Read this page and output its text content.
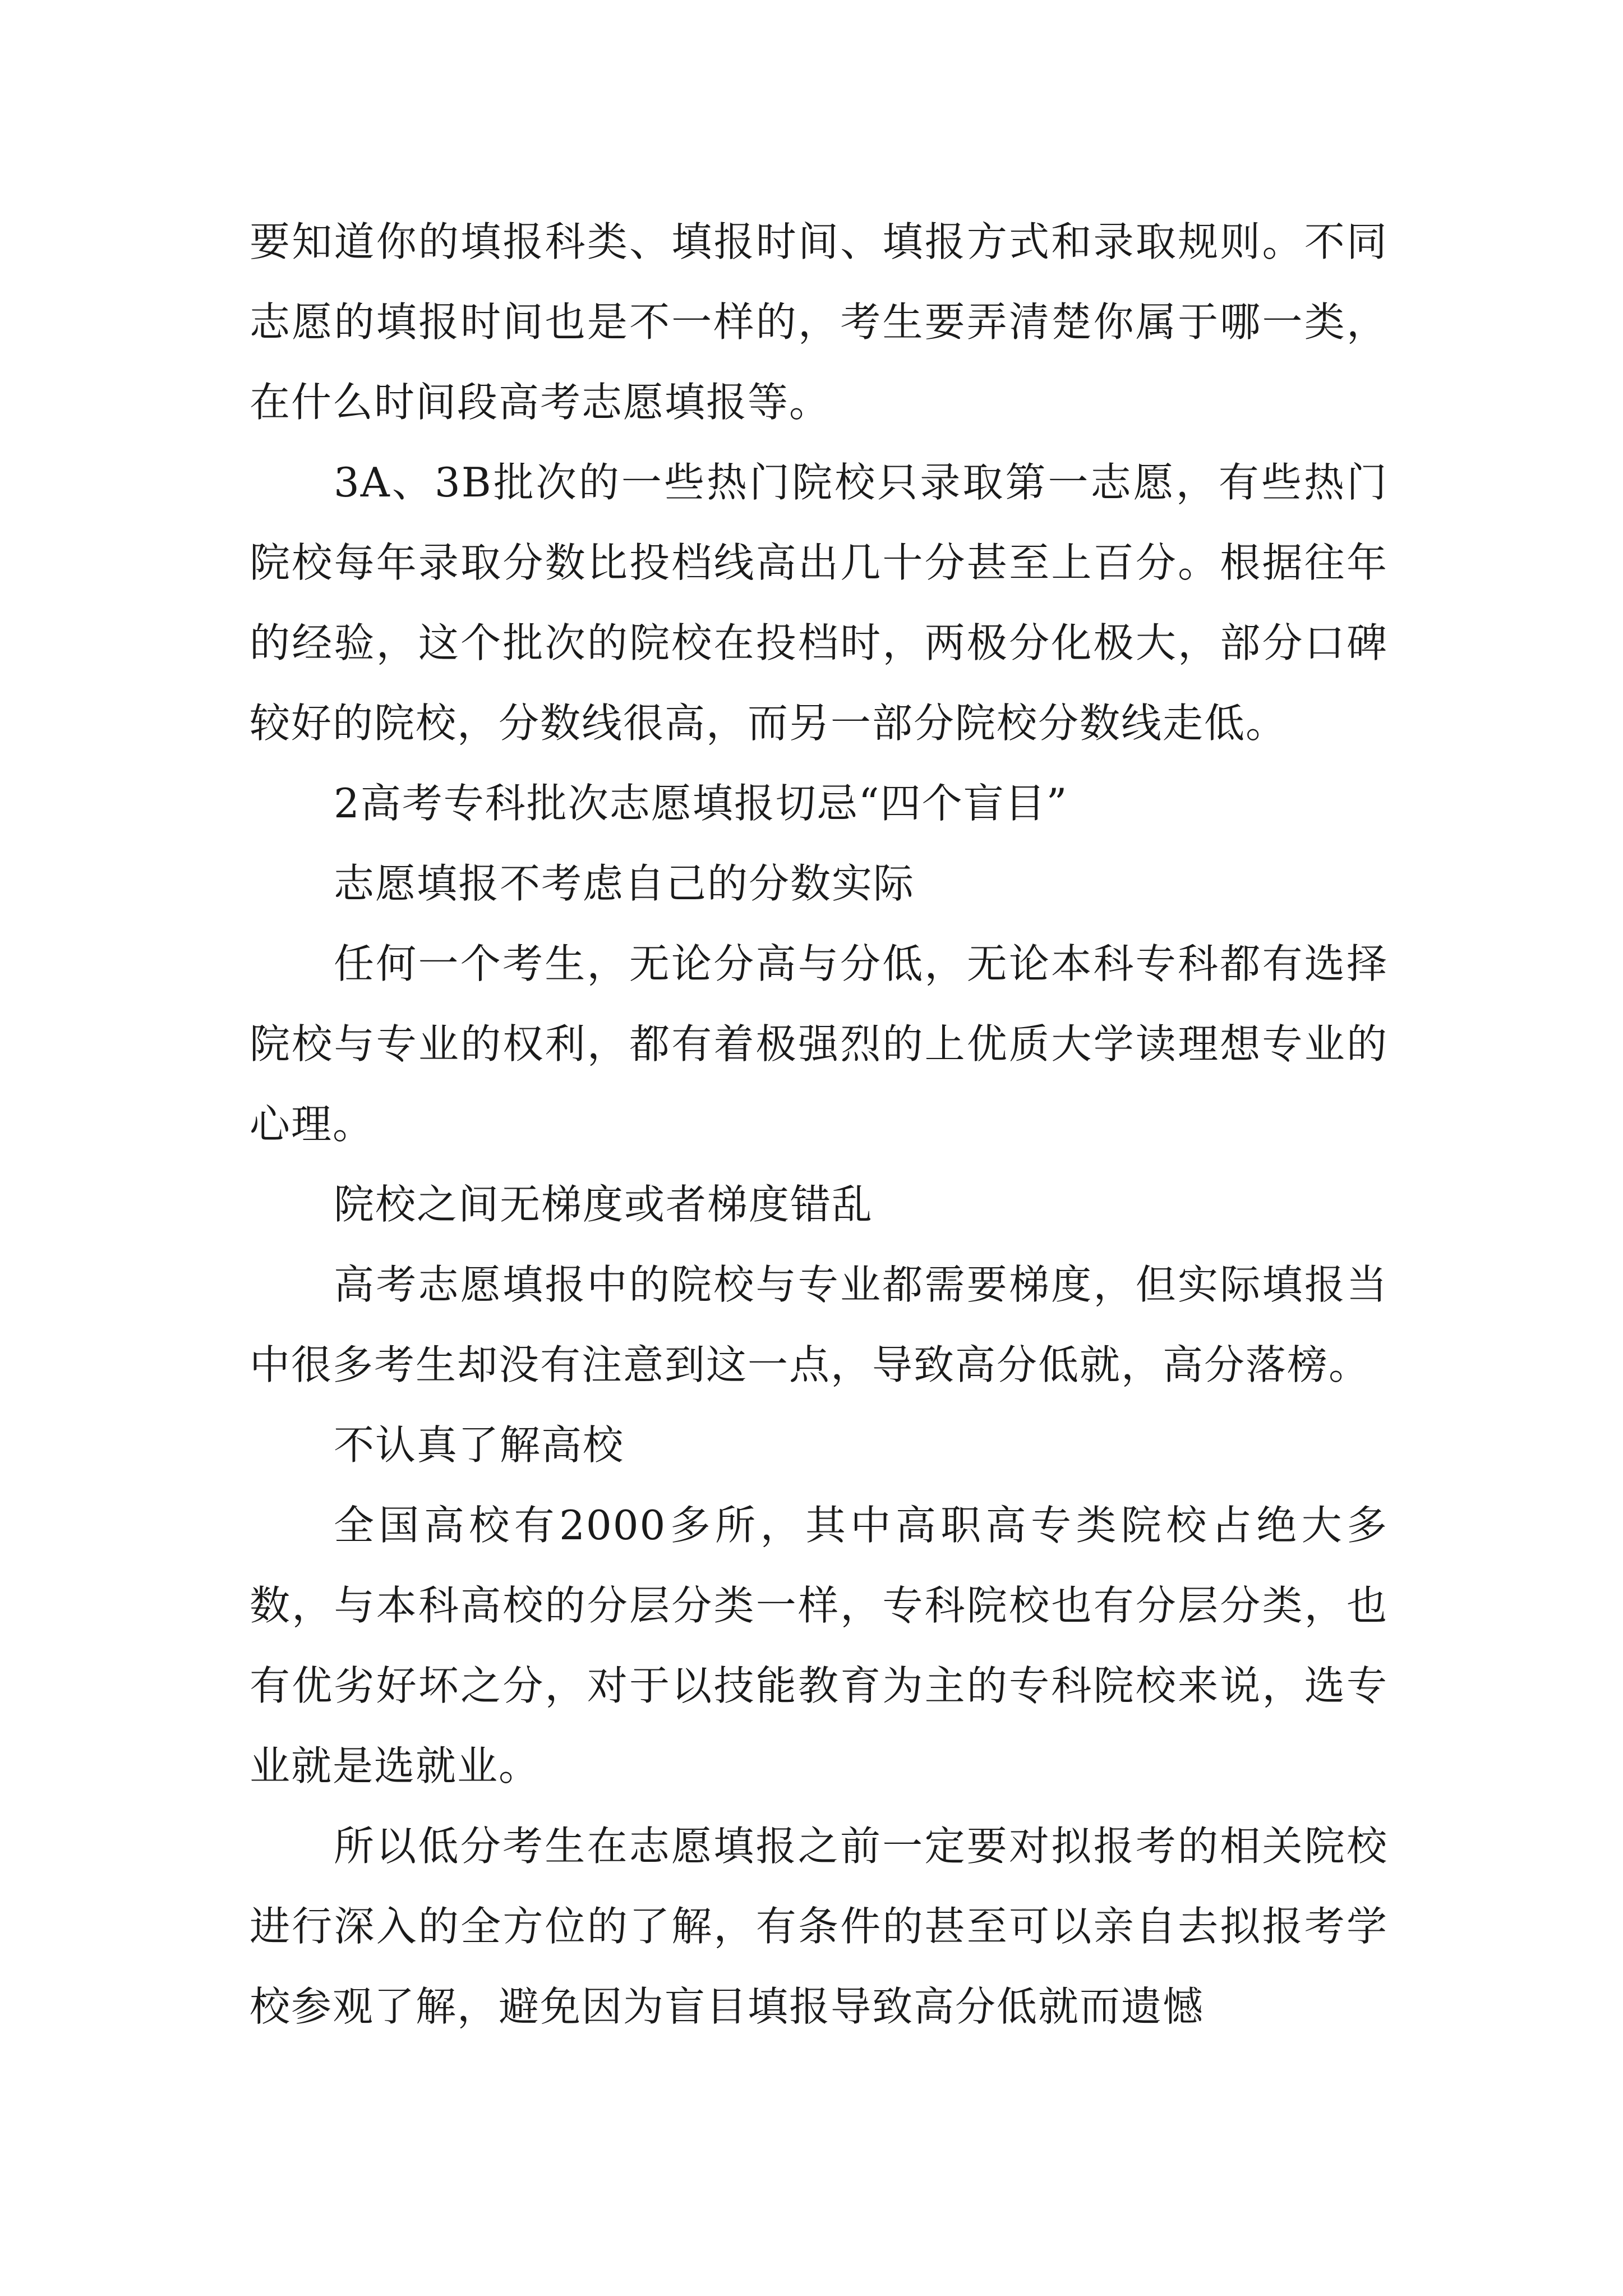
要知道你的填报科类、填报时间、填报方式和录取规则。不同志愿的填报时间也是不一样的，考生要弄清楚你属于哪一类，在什么时间段高考志愿填报等。

3A、3B批次的一些热门院校只录取第一志愿，有些热门院校每年录取分数比投档线高出几十分甚至上百分。根据往年的经验，这个批次的院校在投档时，两极分化极大，部分口碑较好的院校，分数线很高，而另一部分院校分数线走低。

2高考专科批次志愿填报切忌“四个盲目”

志愿填报不考虑自己的分数实际

任何一个考生，无论分高与分低，无论本科专科都有选择院校与专业的权利，都有着极强烈的上优质大学读理想专业的心理。

院校之间无梯度或者梯度错乱

高考志愿填报中的院校与专业都需要梯度，但实际填报当中很多考生却没有注意到这一点，导致高分低就，高分落榜。

不认真了解高校

全国高校有2000多所，其中高职高专类院校占绝大多数，与本科高校的分层分类一样，专科院校也有分层分类，也有优劣好坏之分，对于以技能教育为主的专科院校来说，选专业就是选就业。

所以低分考生在志愿填报之前一定要对拟报考的相关院校进行深入的全方位的了解，有条件的甚至可以亲自去拟报考学校参观了解，避免因为盲目填报导致高分低就而遗憾
